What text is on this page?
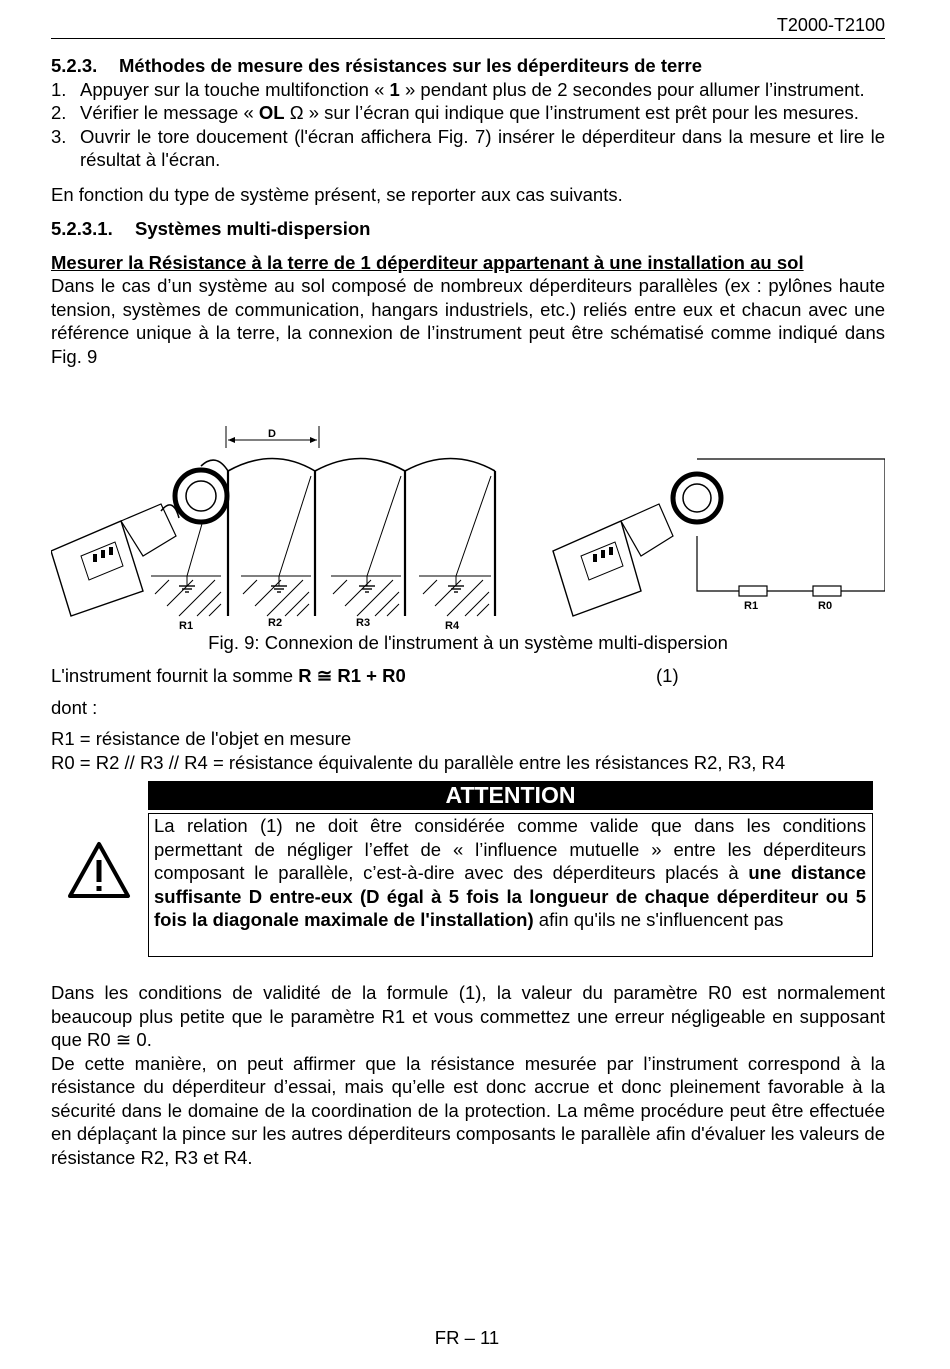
T2000-T2100

5.2.3. Méthodes de mesure des résistances sur les déperditeurs de terre

1. Appuyer sur la touche multifonction « 1 » pendant plus de 2 secondes pour allumer l’instrument.
2. Vérifier le message « OL Ω » sur l’écran qui indique que l’instrument est prêt pour les mesures.
3. Ouvrir le tore doucement (l'écran affichera Fig. 7) insérer le déperditeur dans la mesure et lire le résultat à l'écran.

En fonction du type de système présent, se reporter aux cas suivants.

5.2.3.1. Systèmes multi-dispersion

Mesurer la Résistance à la terre de 1 déperditeur appartenant à une installation au sol

Dans le cas d’un système au sol composé de nombreux déperditeurs parallèles (ex : pylônes haute tension, systèmes de communication, hangars industriels, etc.) reliés entre eux et chacun avec une référence unique à la terre, la connexion de l’instrument peut être schématisé comme indiqué dans Fig. 9

D
R1	R2	R3	R4
R1	R0
Fig. 9: Connexion de l'instrument à un système multi-dispersion
L'instrument fournit la somme R ≅ R1 + R0	(1)
dont :
R1 = résistance de l'objet en mesure
R0 = R2 // R3 // R4 = résistance équivalente du parallèle entre les résistances R2, R3, R4
ATTENTION
La relation (1) ne doit être considérée comme valide que dans les conditions permettant de négliger l’effet de « l’influence mutuelle » entre les déperditeurs composant le parallèle, c’est-à-dire avec des déperditeurs placés à une distance suffisante D entre-eux (D égal à 5 fois la longueur de chaque déperditeur ou 5 fois la diagonale maximale de l'installation) afin qu'ils ne s'influencent pas

Dans les conditions de validité de la formule (1), la valeur du paramètre R0 est normalement beaucoup plus petite que le paramètre R1 et vous commettez une erreur négligeable en supposant que R0 ≅ 0.

De cette manière, on peut affirmer que la résistance mesurée par l’instrument correspond à la résistance du déperditeur d’essai, mais qu’elle est donc accrue et donc pleinement favorable à la sécurité dans le domaine de la coordination de la protection. La même procédure peut être effectuée en déplaçant la pince sur les autres déperditeurs composants le parallèle afin d'évaluer les valeurs de résistance R2, R3 et R4.

FR – 11
